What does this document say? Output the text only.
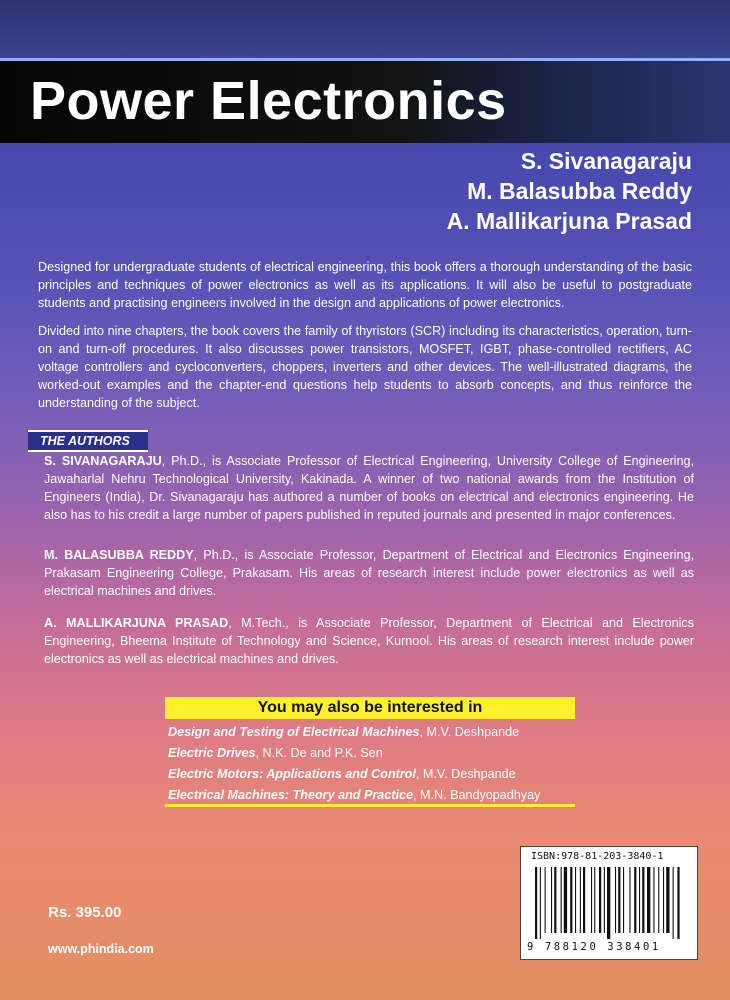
Power Electronics
S. Sivanagaraju
M. Balasubba Reddy
A. Mallikarjuna Prasad
Designed for undergraduate students of electrical engineering, this book offers a thorough understanding of the basic principles and techniques of power electronics as well as its applications. It will also be useful to postgraduate students and practising engineers involved in the design and applications of power electronics.
Divided into nine chapters, the book covers the family of thyristors (SCR) including its characteristics, operation, turn-on and turn-off procedures. It also discusses power transistors, MOSFET, IGBT, phase-controlled rectifiers, AC voltage controllers and cycloconverters, choppers, inverters and other devices. The well-illustrated diagrams, the worked-out examples and the chapter-end questions help students to absorb concepts, and thus reinforce the understanding of the subject.
THE AUTHORS
S. SIVANAGARAJU, Ph.D., is Associate Professor of Electrical Engineering, University College of Engineering, Jawaharlal Nehru Technological University, Kakinada. A winner of two national awards from the Institution of Engineers (India), Dr. Sivanagaraju has authored a number of books on electrical and electronics engineering. He also has to his credit a large number of papers published in reputed journals and presented in major conferences.
M. BALASUBBA REDDY, Ph.D., is Associate Professor, Department of Electrical and Electronics Engineering, Prakasam Engineering College, Prakasam. His areas of research interest include power electronics as well as electrical machines and drives.
A. MALLIKARJUNA PRASAD, M.Tech., is Associate Professor, Department of Electrical and Electronics Engineering, Bheema Institute of Technology and Science, Kurnool. His areas of research interest include power electronics as well as electrical machines and drives.
You may also be interested in
Design and Testing of Electrical Machines, M.V. Deshpande
Electric Drives, N.K. De and P.K. Sen
Electric Motors: Applications and Control, M.V. Deshpande
Electrical Machines: Theory and Practice, M.N. Bandyopadhyay
ISBN:978-81-203-3840-1
9 788120 338401
Rs. 395.00
www.phindia.com
